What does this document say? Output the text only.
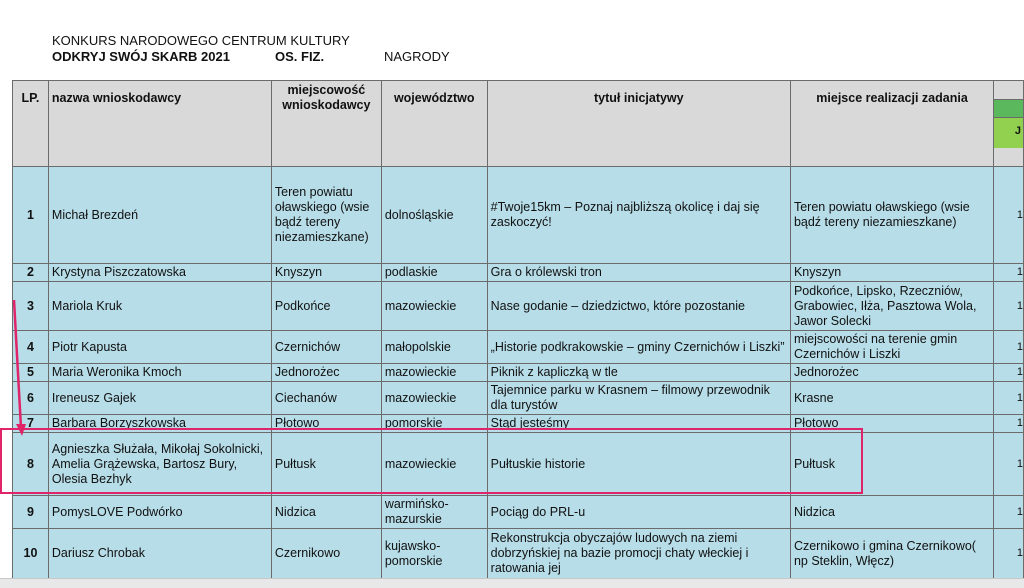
KONKURS NARODOWEGO CENTRUM KULTURY
ODKRYJ SWÓJ SKARB 2021	OS. FIZ.	NAGRODY
LP.	nazwa wnioskodawcy	miejscowość wnioskodawcy	województwo	tytuł inicjatywy	miejsce realizacji zadania	J

1	Michał Brezdeń	Teren powiatu oławskiego (wsie bądź tereny niezamieszkane)	dolnośląskie	#Twoje15km – Poznaj najbliższą okolicę i daj się zaskoczyć!	Teren powiatu oławskiego (wsie bądź tereny niezamieszkane)	1

2	Krystyna Piszczatowska	Knyszyn	podlaskie	Gra o królewski tron	Knyszyn	1

3	Mariola Kruk	Podkońce	mazowieckie	Nase godanie – dziedzictwo, które pozostanie	Podkońce, Lipsko, Rzeczniów, Grabowiec, Iłża, Pasztowa Wola, Jawor Solecki	1

4	Piotr Kapusta	Czernichów	małopolskie	„Historie podkrakowskie – gminy Czernichów i Liszki”	miejscowości na terenie gmin Czernichów i Liszki	1

5	Maria Weronika Kmoch	Jednorożec	mazowieckie	Piknik z kapliczką w tle	Jednorożec	1

6	Ireneusz Gajek	Ciechanów	mazowieckie	Tajemnice parku w Krasnem – filmowy przewodnik dla turystów	Krasne	1

7	Barbara Borzyszkowska	Płotowo	pomorskie	Stąd jesteśmy	Płotowo	1

8	Agnieszka Służała, Mikołaj Sokolnicki, Amelia Grążewska, Bartosz Bury, Olesia Bezhyk	Pułtusk	mazowieckie	Pułtuskie historie	Pułtusk	1

9	PomysLOVE Podwórko	Nidzica	warmińsko-mazurskie	Pociąg do PRL-u	Nidzica	1

10	Dariusz Chrobak	Czernikowo	kujawsko-pomorskie	Rekonstrukcja obyczajów ludowych na ziemi dobrzyńskiej na bazie promocji chaty włeckiej i ratowania jej	Czernikowo i gmina Czernikowo( np Steklin, Włęcz)	1
